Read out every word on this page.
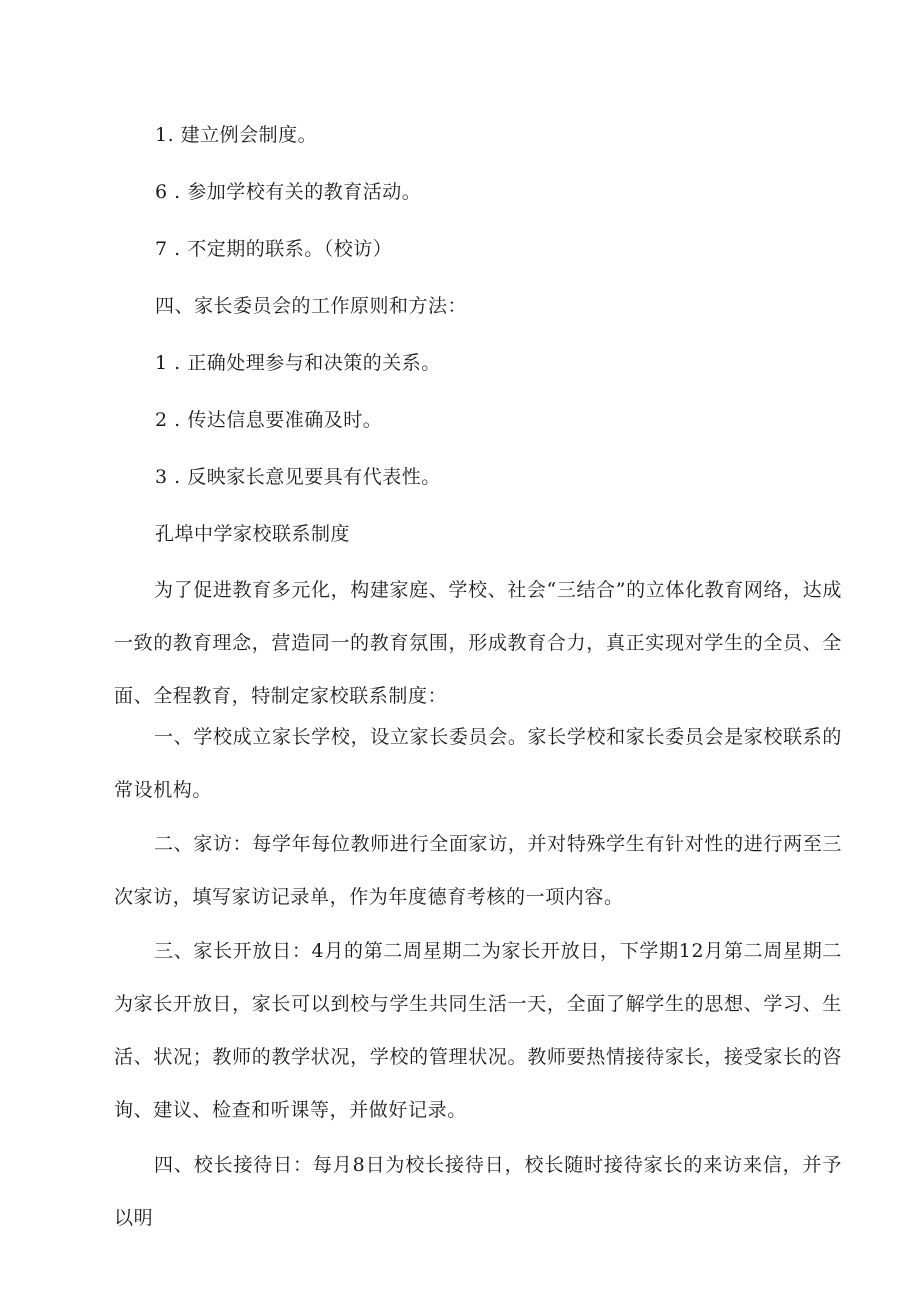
1. 建立例会制度。
6 . 参加学校有关的教育活动。
7 . 不定期的联系。（校访）
四、家长委员会的工作原则和方法：
1 . 正确处理参与和决策的关系。
2 . 传达信息要准确及时。
3 . 反映家长意见要具有代表性。
孔埠中学家校联系制度
为了促进教育多元化，构建家庭、学校、社会“三结合”的立体化教育网络，达成一致的教育理念，营造同一的教育氛围，形成教育合力，真正实现对学生的全员、全面、全程教育，特制定家校联系制度：
一、学校成立家长学校，设立家长委员会。家长学校和家长委员会是家校联系的常设机构。
二、家访：每学年每位教师进行全面家访，并对特殊学生有针对性的进行两至三次家访，填写家访记录单，作为年度德育考核的一项内容。
三、家长开放日：4月的第二周星期二为家长开放日，下学期12月第二周星期二为家长开放日，家长可以到校与学生共同生活一天，全面了解学生的思想、学习、生活、状况；教师的教学状况，学校的管理状况。教师要热情接待家长，接受家长的咨询、建议、检查和听课等，并做好记录。
四、校长接待日：每月8日为校长接待日，校长随时接待家长的来访来信，并予以明
